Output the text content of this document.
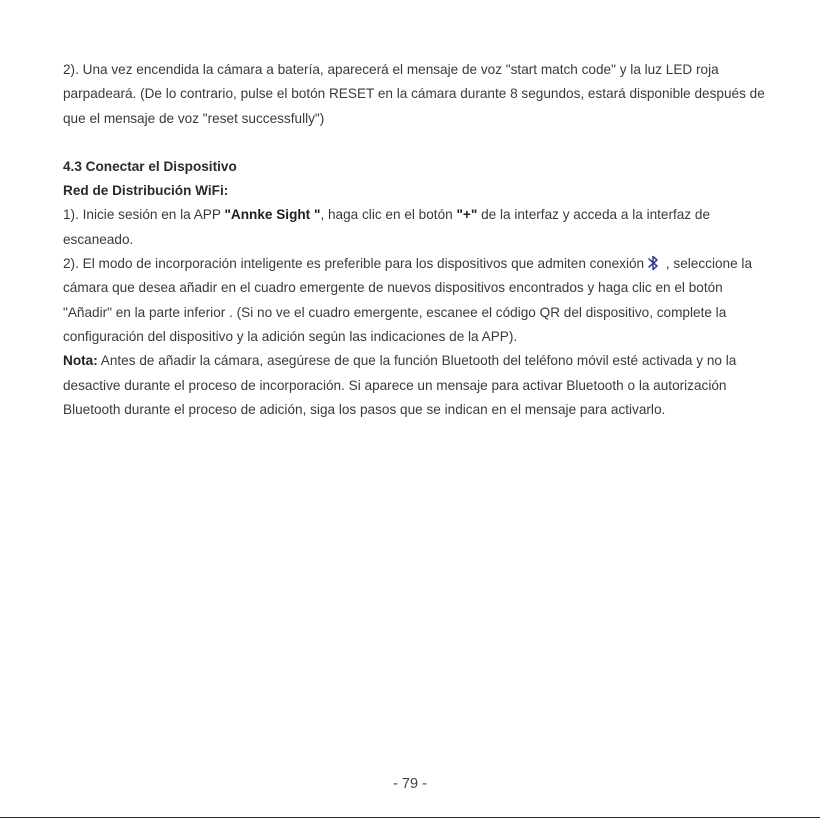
2). Una vez encendida la cámara a batería, aparecerá el mensaje de voz "start match code" y la luz LED roja parpadeará. (De lo contrario, pulse el botón RESET en la cámara durante 8 segundos, estará disponible después de que el mensaje de voz "reset successfully")

4.3 Conectar el Dispositivo

Red de Distribución WiFi:

1). Inicie sesión en la APP "Annke Sight ", haga clic en el botón "+" de la interfaz y acceda a la interfaz de escaneado.

2). El modo de incorporación inteligente es preferible para los dispositivos que admiten conexión , seleccione la cámara que desea añadir en el cuadro emergente de nuevos dispositivos encontrados y haga clic en el botón "Añadir" en la parte inferior . (Si no ve el cuadro emergente, escanee el código QR del dispositivo, complete la configuración del dispositivo y la adición según las indicaciones de la APP).

Nota: Antes de añadir la cámara, asegúrese de que la función Bluetooth del teléfono móvil esté activada y no la desactive durante el proceso de incorporación. Si aparece un mensaje para activar Bluetooth o la autorización Bluetooth durante el proceso de adición, siga los pasos que se indican en el mensaje para activarlo.

- 79 -
